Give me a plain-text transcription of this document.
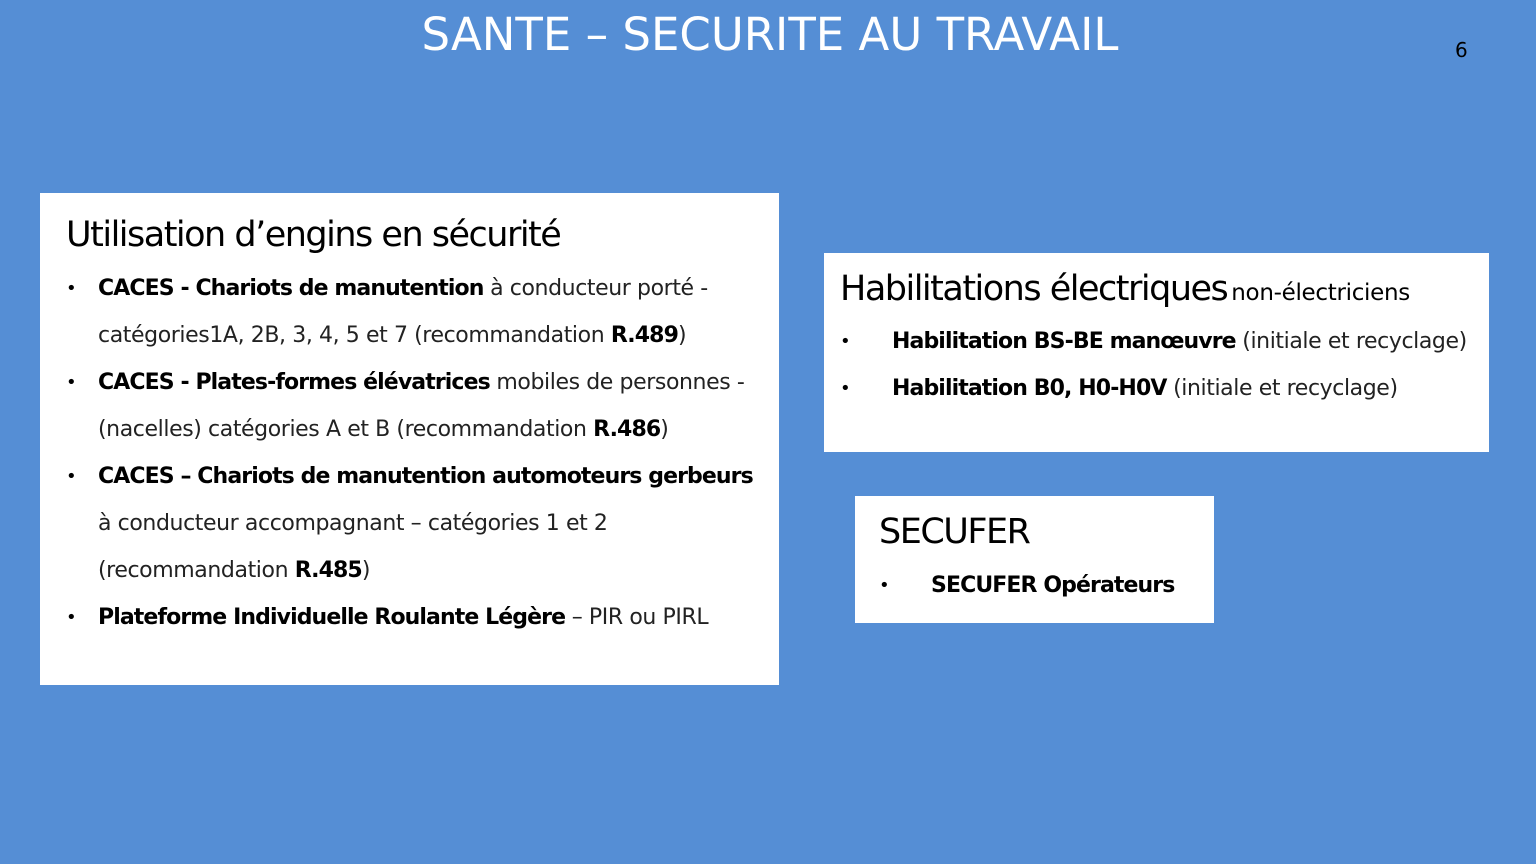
SANTE – SECURITE AU TRAVAIL	6
Utilisation d’engins en sécurité
• CACES - Chariots de manutention à conducteur porté -
catégories1A, 2B, 3, 4, 5 et 7 (recommandation R.489)
• CACES - Plates-formes élévatrices mobiles de personnes -
(nacelles) catégories A et B (recommandation R.486)
• CACES – Chariots de manutention automoteurs gerbeurs
à conducteur accompagnant – catégories 1 et 2
(recommandation R.485)
• Plateforme Individuelle Roulante Légère – PIR ou PIRL
Habilitations électriques non-électriciens
• Habilitation BS-BE manœuvre (initiale et recyclage)
• Habilitation B0, H0-H0V (initiale et recyclage)
SECUFER
• SECUFER Opérateurs
